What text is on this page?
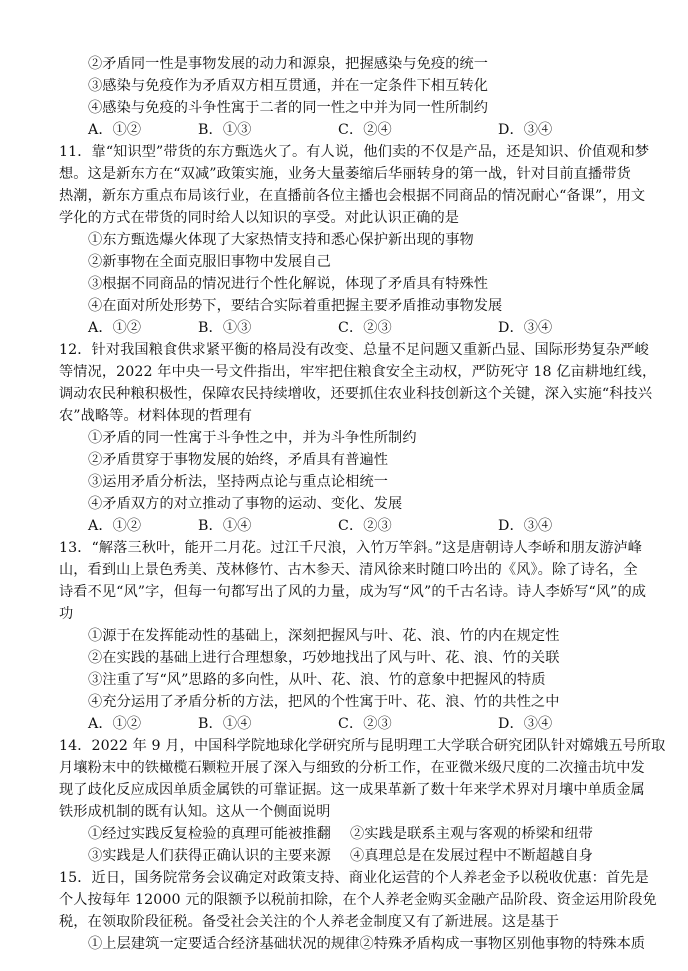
②矛盾同一性是事物发展的动力和源泉，把握感染与免疫的统一
③感染与免疫作为矛盾双方相互贯通，并在一定条件下相互转化
④感染与免疫的斗争性寓于二者的同一性之中并为同一性所制约
A．①②	B．①③	C．②④	D．③④
11．靠“知识型”带货的东方甄选火了。有人说，他们卖的不仅是产品，还是知识、价值观和梦
想。这是新东方在“双减”政策实施，业务大量萎缩后华丽转身的第一战，针对目前直播带货
热潮，新东方重点布局该行业，在直播前各位主播也会根据不同商品的情况耐心“备课”，用文
学化的方式在带货的同时给人以知识的享受。对此认识正确的是
①东方甄选爆火体现了大家热情支持和悉心保护新出现的事物
②新事物在全面克服旧事物中发展自己
③根据不同商品的情况进行个性化解说，体现了矛盾具有特殊性
④在面对所处形势下，要结合实际着重把握主要矛盾推动事物发展
A．①②	B．①③	C．②③	D．③④
12．针对我国粮食供求紧平衡的格局没有改变、总量不足问题又重新凸显、国际形势复杂严峻
等情况，2022 年中央一号文件指出，牢牢把住粮食安全主动权，严防死守 18 亿亩耕地红线，
调动农民种粮积极性，保障农民持续增收，还要抓住农业科技创新这个关键，深入实施“科技兴
农”战略等。材料体现的哲理有
①矛盾的同一性寓于斗争性之中，并为斗争性所制约
②矛盾贯穿于事物发展的始终，矛盾具有普遍性
③运用矛盾分析法，坚持两点论与重点论相统一
④矛盾双方的对立推动了事物的运动、变化、发展
A．①②	B．①④	C．②③	D．③④
13．“解落三秋叶，能开二月花。过江千尺浪，入竹万竿斜。”这是唐朝诗人李峤和朋友游泸峰
山，看到山上景色秀美、茂林修竹、古木参天、清风徐来时随口吟出的《风》。除了诗名，全
诗看不见“风”字，但每一句都写出了风的力量，成为写“风”的千古名诗。诗人李娇写“风”的成
功
①源于在发挥能动性的基础上，深刻把握风与叶、花、浪、竹的内在规定性
②在实践的基础上进行合理想象，巧妙地找出了风与叶、花、浪、竹的关联
③注重了写“风”思路的多向性，从叶、花、浪、竹的意象中把握风的特质
④充分运用了矛盾分析的方法，把风的个性寓于叶、花、浪、竹的共性之中
A．①②	B．①④	C．②③	D．③④
14．2022 年 9 月，中国科学院地球化学研究所与昆明理工大学联合研究团队针对嫦娥五号所取
月壤粉末中的铁橄榄石颗粒开展了深入与细致的分析工作，在亚微米级尺度的二次撞击坑中发
现了歧化反应成因单质金属铁的可靠证据。这一成果革新了数十年来学术界对月壤中单质金属
铁形成机制的既有认知。这从一个侧面说明
①经过实践反复检验的真理可能被推翻 ②实践是联系主观与客观的桥梁和纽带
③实践是人们获得正确认识的主要来源 ④真理总是在发展过程中不断超越自身
15．近日，国务院常务会议确定对政策支持、商业化运营的个人养老金予以税收优惠：首先是
个人按每年 12000 元的限额予以税前扣除，在个人养老金购买金融产品阶段、资金运用阶段免
税，在领取阶段征税。备受社会关注的个人养老金制度又有了新进展。这是基于
①上层建筑一定要适合经济基础状况的规律②特殊矛盾构成一事物区别他事物的特殊本质
